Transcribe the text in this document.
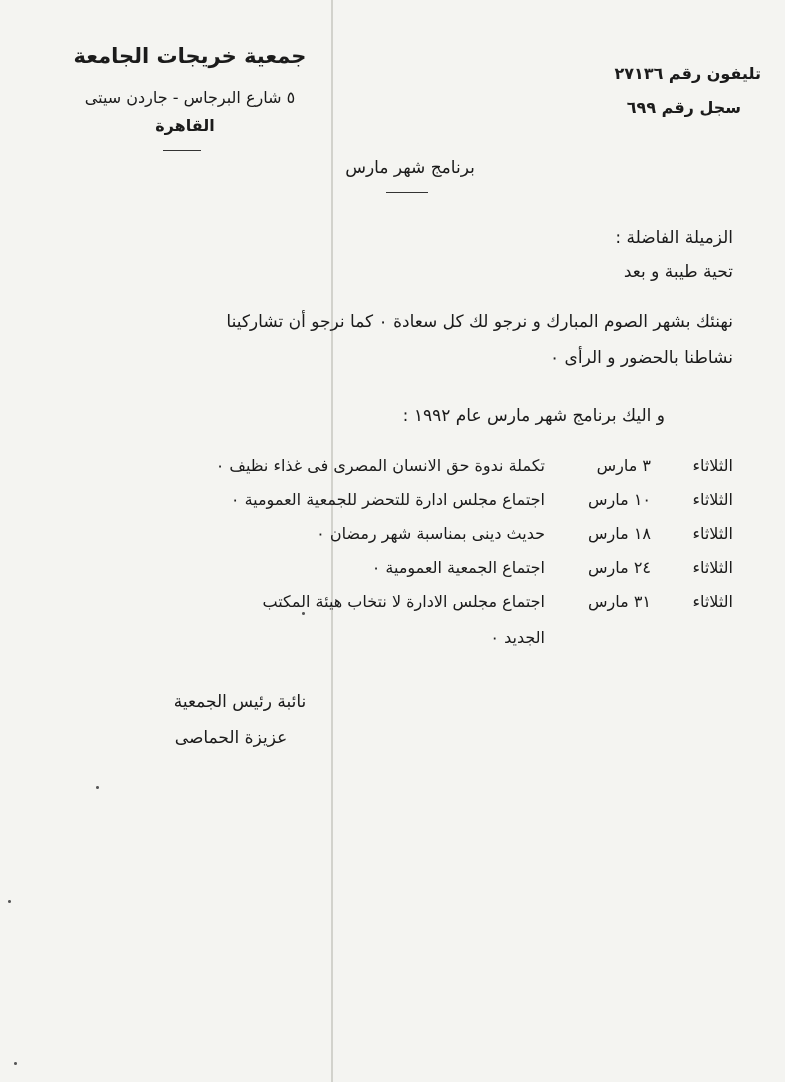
جمعية خريجات الجامعة
٥ شارع البرجاس - جاردن سيتى
القاهرة
تليفون رقم ٢٧١٣٦
سجل رقم ٦٩٩
برنامج شهر مارس
الزميلة الفاضلة :
تحية طيبة و بعد
نهنئك بشهر الصوم المبارك و نرجو لك كل سعادة ٠ كما نرجو أن تشاركينا
نشاطنا بالحضور و الرأى ٠
و اليك برنامج شهر مارس عام ١٩٩٢ :
الثلاثاء
٣ مارس
تكملة ندوة حق الانسان المصرى فى غذاء نظيف ٠
الثلاثاء
١٠ مارس
اجتماع مجلس ادارة للتحضر للجمعية العمومية ٠
الثلاثاء
١٨ مارس
حديث دينى بمناسبة شهر رمضان ٠
الثلاثاء
٢٤ مارس
اجتماع الجمعية العمومية ٠
الثلاثاء
٣١ مارس
اجتماع مجلس الادارة لا نتخاب هيئة المكتب
الجديد ٠
نائبة رئيس الجمعية
عزيزة الحماصى
